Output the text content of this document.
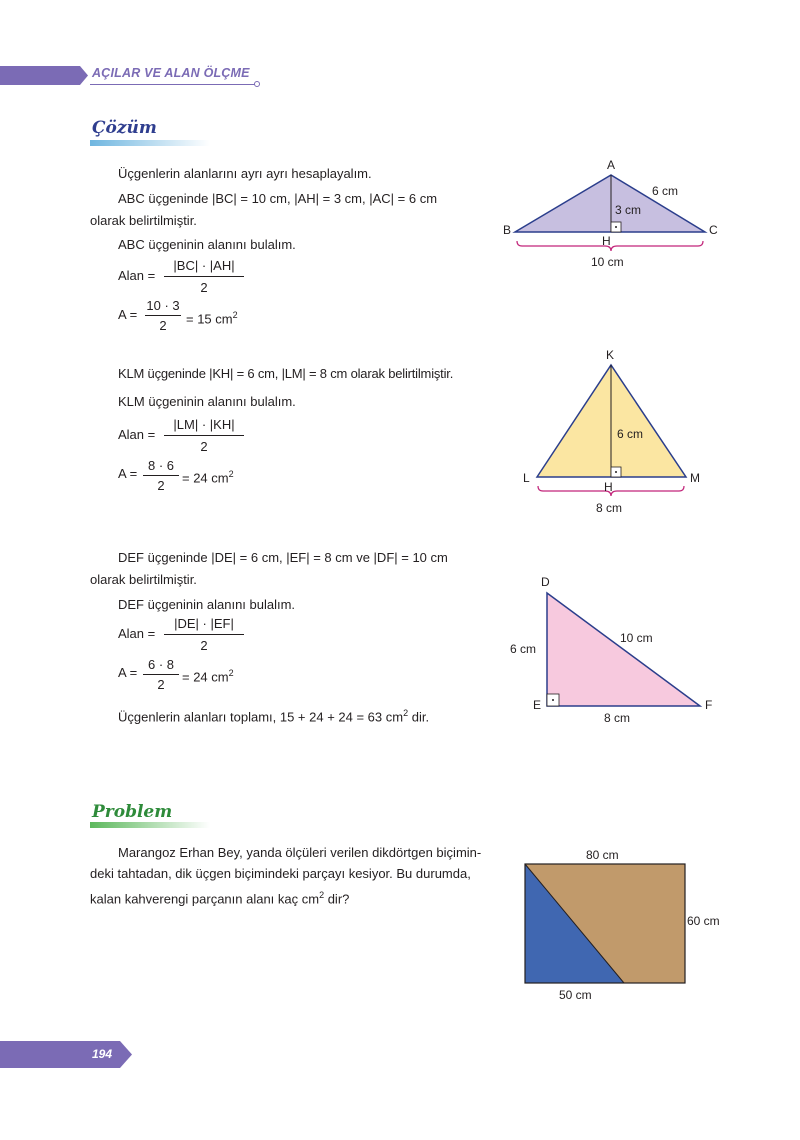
AÇILAR VE ALAN ÖLÇME
Çözüm
Üçgenlerin alanlarını ayrı ayrı hesaplayalım.
ABC üçgeninde |BC| = 10 cm, |AH| = 3 cm, |AC| = 6 cm
olarak belirtilmiştir.
ABC üçgeninin alanını bulalım.
Alan =
|BC| · |AH|
2
A =
10 · 3
2	= 15 $cm^2$
A
B	C
H
6 cm
3 cm
10 cm
KLM üçgeninde |KH| = 6 cm, |LM| = 8 cm olarak belirtilmiştir.
KLM üçgeninin alanını bulalım.
Alan =
|LM| · |KH|
2
A =
8 · 6
2
= 24 $cm^2$
K
L	M
H
6 cm
8 cm
DEF üçgeninde |DE| = 6 cm, |EF| = 8 cm ve |DF| = 10 cm
olarak belirtilmiştir.
DEF üçgeninin alanını bulalım.
Alan =
|DE| · |EF|
2
A =
6 · 8
2
= 24 $cm^2$
Üçgenlerin alanları toplamı, 15 + 24 + 24 = 63 $cm^2$ dir.
D
E	F
6 cm
10 cm
8 cm
Problem
Marangoz Erhan Bey, yanda ölçüleri verilen dikdörtgen biçimin-
deki tahtadan, dik üçgen biçimindeki parçayı kesiyor. Bu durumda,
kalan kahverengi parçanın alanı kaç $cm^2$ dir?
80 cm
60 cm
50 cm
194
